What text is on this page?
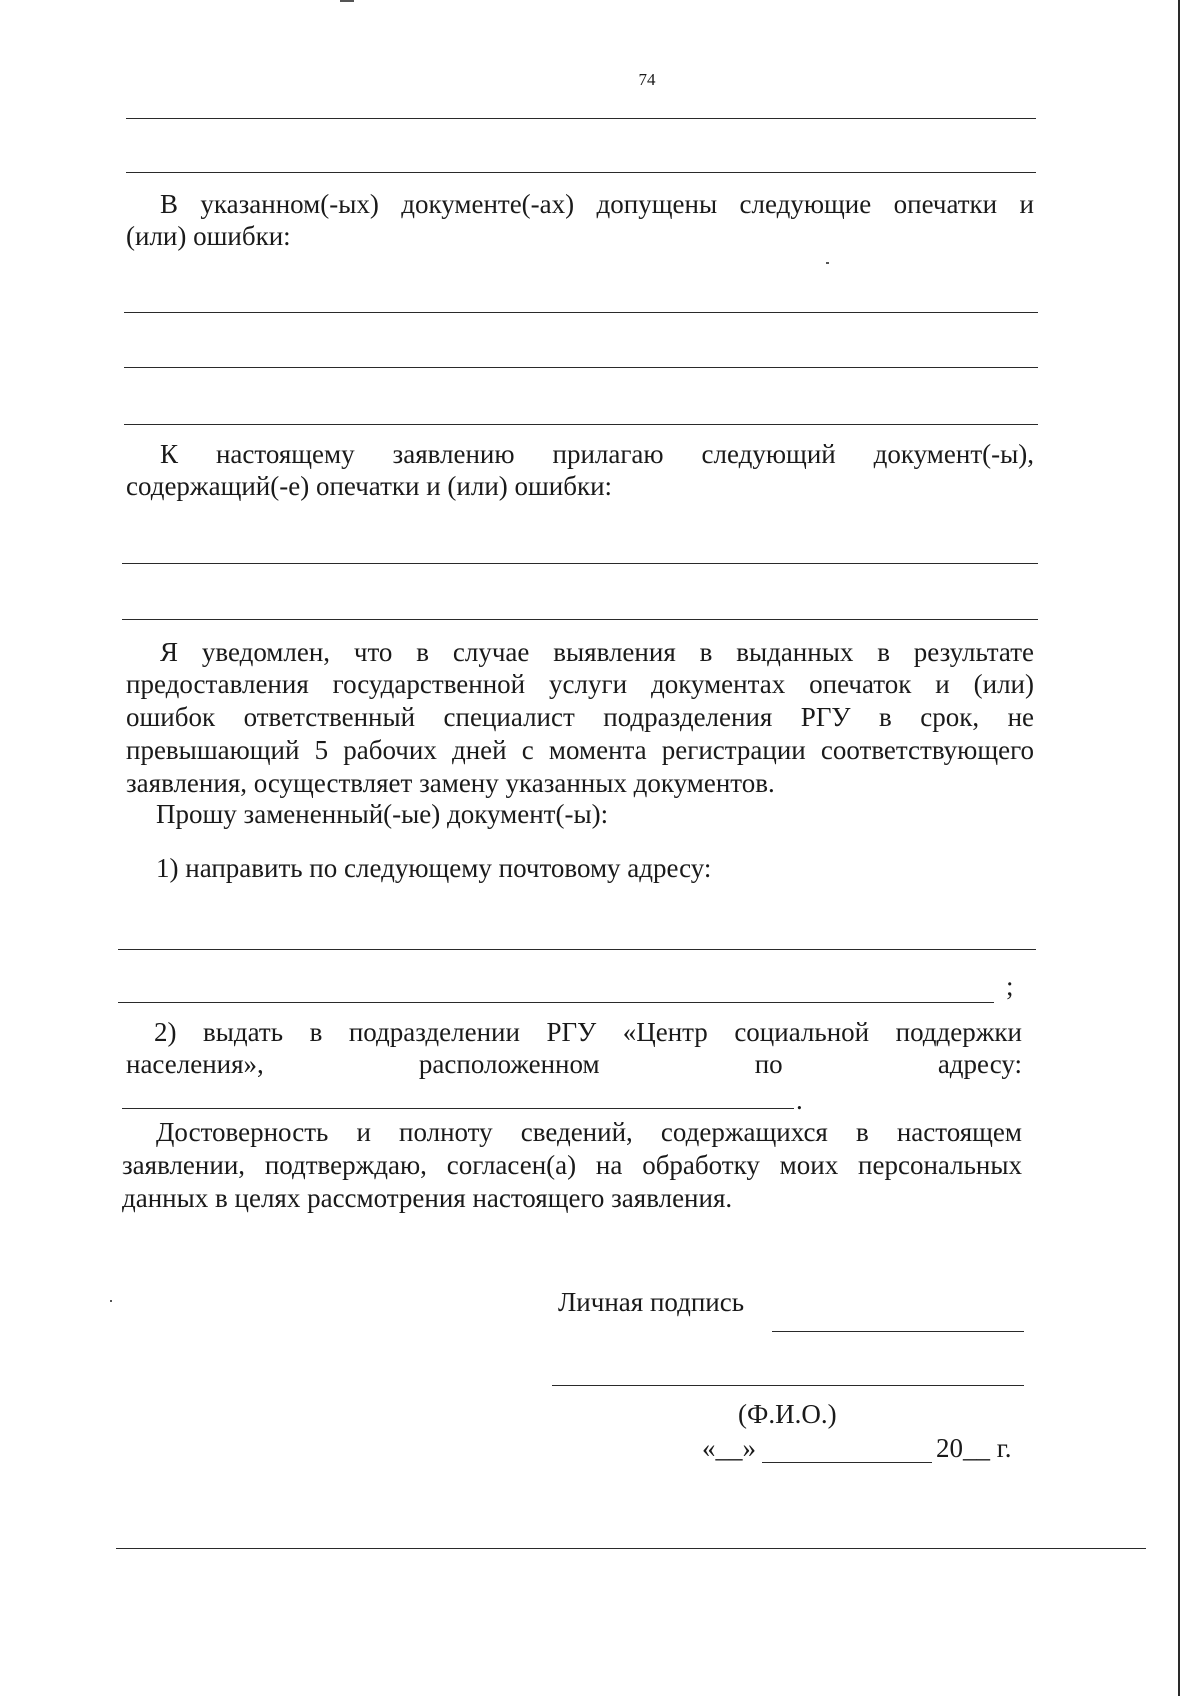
74
В указанном(-ых) документе(-ах) допущены следующие опечатки и
(или) ошибки:
К настоящему заявлению прилагаю следующий документ(-ы),
содержащий(-е) опечатки и (или) ошибки:
Я уведомлен, что в случае выявления в выданных в результате
предоставления государственной услуги документах опечаток и (или)
ошибок ответственный специалист подразделения РГУ в срок, не
превышающий 5 рабочих дней с момента регистрации соответствующего
заявления, осуществляет замену указанных документов.
Прошу замененный(-ые) документ(-ы):
1) направить по следующему почтовому адресу:
;
2) выдать в подразделении РГУ «Центр социальной поддержки
населения»,	расположенном	по	адресу:
.
Достоверность и полноту сведений, содержащихся в настоящем
заявлении, подтверждаю, согласен(а) на обработку моих персональных
данных в целях рассмотрения настоящего заявления.
Личная подпись
(Ф.И.О.)
«__»	20__ г.
